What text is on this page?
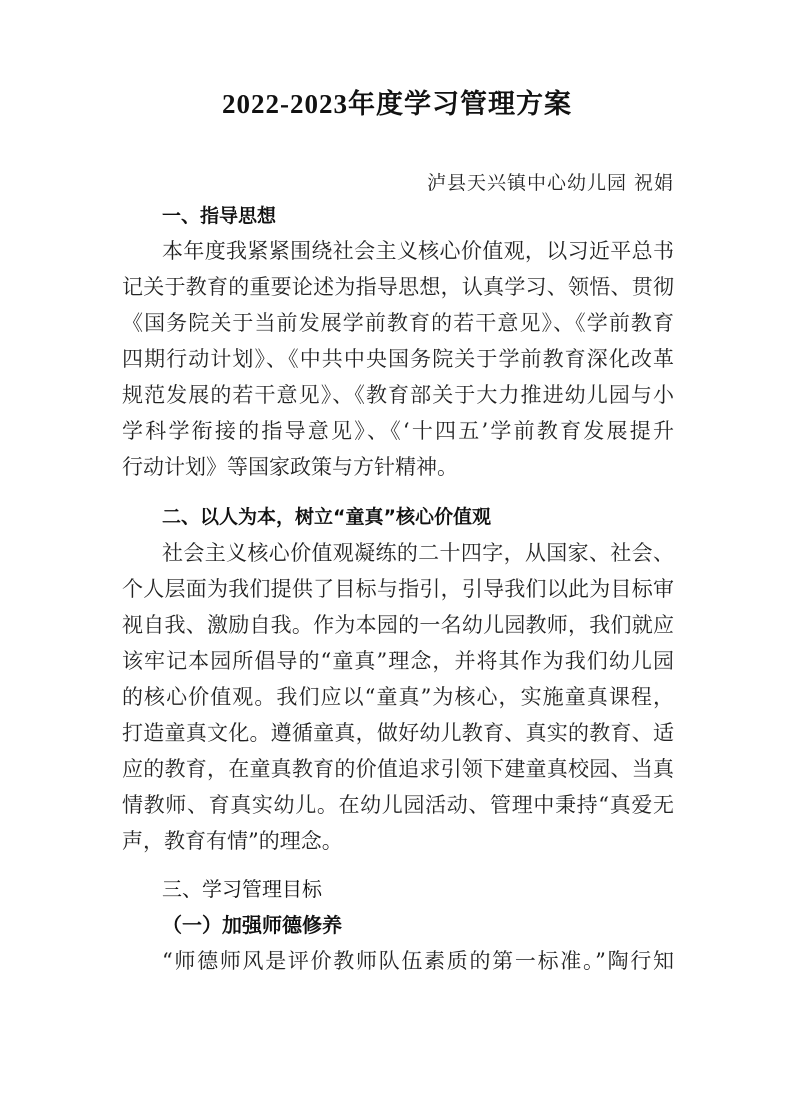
2022-2023年度学习管理方案
泸县天兴镇中心幼儿园 祝娟
一、指导思想
本年度我紧紧围绕社会主义核心价值观，以习近平总书
记关于教育的重要论述为指导思想，认真学习、领悟、贯彻
《国务院关于当前发展学前教育的若干意见》、《学前教育
四期行动计划》、《中共中央国务院关于学前教育深化改革
规范发展的若干意见》、《教育部关于大力推进幼儿园与小
学科学衔接的指导意见》、《‘十四五’学前教育发展提升
行动计划》等国家政策与方针精神。
二、以人为本，树立“童真”核心价值观
社会主义核心价值观凝练的二十四字，从国家、社会、
个人层面为我们提供了目标与指引，引导我们以此为目标审
视自我、激励自我。作为本园的一名幼儿园教师，我们就应
该牢记本园所倡导的“童真”理念，并将其作为我们幼儿园
的核心价值观。我们应以“童真”为核心，实施童真课程，
打造童真文化。遵循童真，做好幼儿教育、真实的教育、适
应的教育，在童真教育的价值追求引领下建童真校园、当真
情教师、育真实幼儿。在幼儿园活动、管理中秉持“真爱无
声，教育有情”的理念。
三、学习管理目标
（一）加强师德修养
“师德师风是评价教师队伍素质的第一标准。”陶行知
